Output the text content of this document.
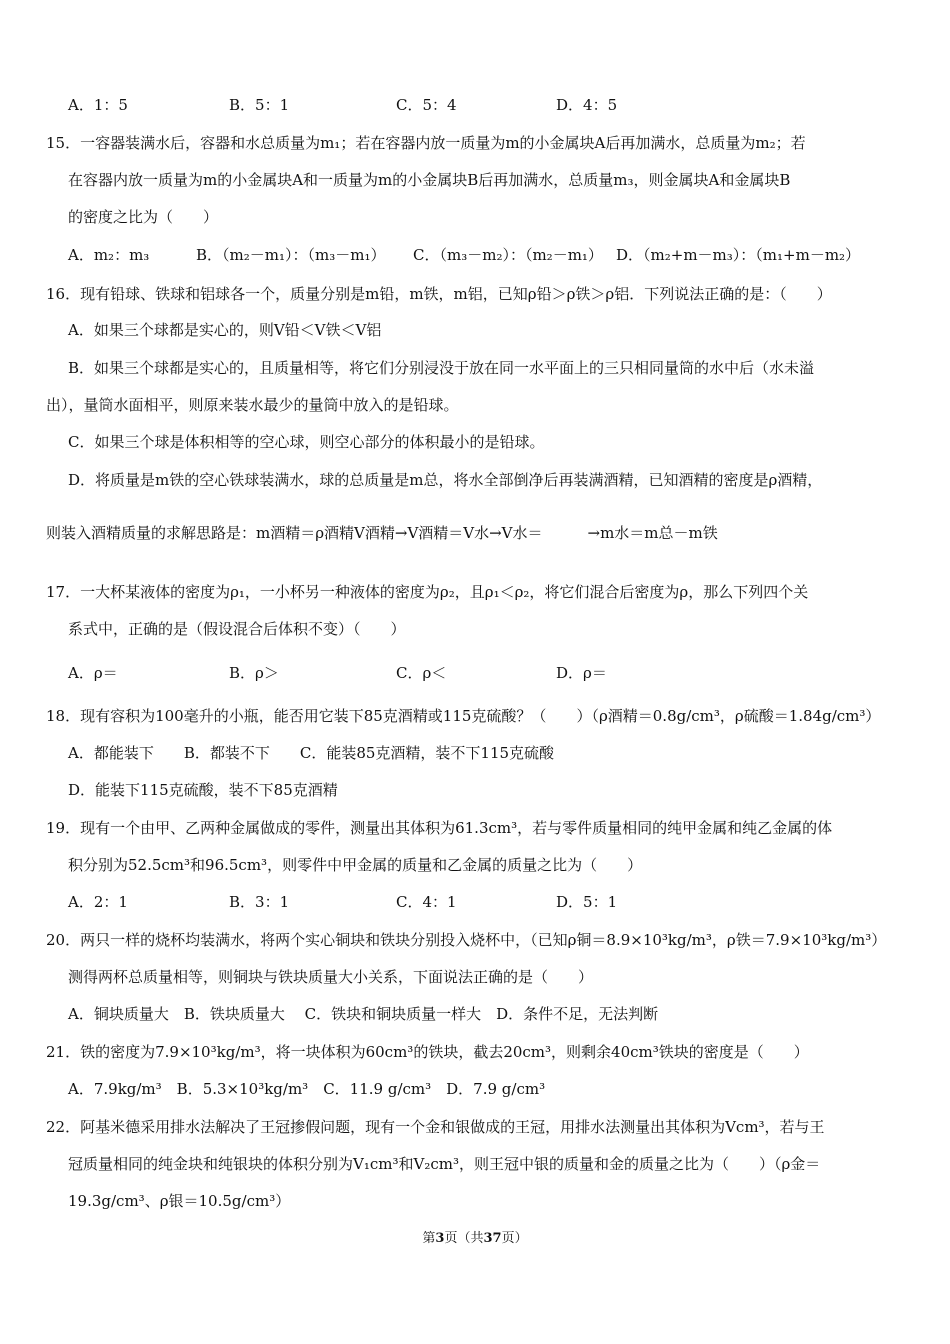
A．1：5	B．5：1	C．5：4	D．4：5
15．一容器装满水后，容器和水总质量为m₁；若在容器内放一质量为m的小金属块A后再加满水，总质量为m₂；若
在容器内放一质量为m的小金属块A和一质量为m的小金属块B后再加满水，总质量m₃，则金属块A和金属块B
的密度之比为（　　）
A．m₂：m₃	B．（m₂－m₁）：（m₃－m₁） C．（m₃－m₂）：（m₂－m₁） D．（m₂+m－m₃）：（m₁+m－m₂）
16．现有铅球、铁球和铝球各一个，质量分别是m铅，m铁，m铝，已知ρ铅＞ρ铁＞ρ铝．下列说法正确的是：（　　）
A．如果三个球都是实心的，则V铅＜V铁＜V铝
B．如果三个球都是实心的，且质量相等，将它们分别浸没于放在同一水平面上的三只相同量筒的水中后（水未溢
出），量筒水面相平，则原来装水最少的量筒中放入的是铅球。
C．如果三个球是体积相等的空心球，则空心部分的体积最小的是铅球。
D．将质量是m铁的空心铁球装满水，球的总质量是m总，将水全部倒净后再装满酒精，已知酒精的密度是ρ酒精，
则装入酒精质量的求解思路是：m酒精＝ρ酒精V酒精→V酒精＝V水→V水＝　　　→m水＝m总－m铁
17．一大杯某液体的密度为ρ₁，一小杯另一种液体的密度为ρ₂，且ρ₁＜ρ₂，将它们混合后密度为ρ，那么下列四个关
系式中，正确的是（假设混合后体积不变）（　　）
A．ρ＝	B．ρ＞	C．ρ＜	D．ρ＝
18．现有容积为100毫升的小瓶，能否用它装下85克酒精或115克硫酸？（　　）（ρ酒精＝0.8g/cm³，ρ硫酸＝1.84g/cm³）
A．都能装下　　B．都装不下　　C．能装85克酒精，装不下115克硫酸
D．能装下115克硫酸，装不下85克酒精
19．现有一个由甲、乙两种金属做成的零件，测量出其体积为61.3cm³，若与零件质量相同的纯甲金属和纯乙金属的体
积分别为52.5cm³和96.5cm³，则零件中甲金属的质量和乙金属的质量之比为（　　）
A．2：1	B．3：1	C．4：1	D．5：1
20．两只一样的烧杯均装满水，将两个实心铜块和铁块分别投入烧杯中，（已知ρ铜＝8.9×10³kg/m³，ρ铁＝7.9×10³kg/m³）
测得两杯总质量相等，则铜块与铁块质量大小关系，下面说法正确的是（　　）
A．铜块质量大　B．铁块质量大　 C．铁块和铜块质量一样大　D．条件不足，无法判断
21．铁的密度为7.9×10³kg/m³，将一块体积为60cm³的铁块，截去20cm³，则剩余40cm³铁块的密度是（　　）
A．7.9kg/m³　B．5.3×10³kg/m³　C．11.9 g/cm³　D．7.9 g/cm³
22．阿基米德采用排水法解决了王冠掺假问题，现有一个金和银做成的王冠，用排水法测量出其体积为Vcm³，若与王
冠质量相同的纯金块和纯银块的体积分别为V₁cm³和V₂cm³，则王冠中银的质量和金的质量之比为（　　）（ρ金＝
19.3g/cm³、ρ银＝10.5g/cm³）
第3页（共37页）
